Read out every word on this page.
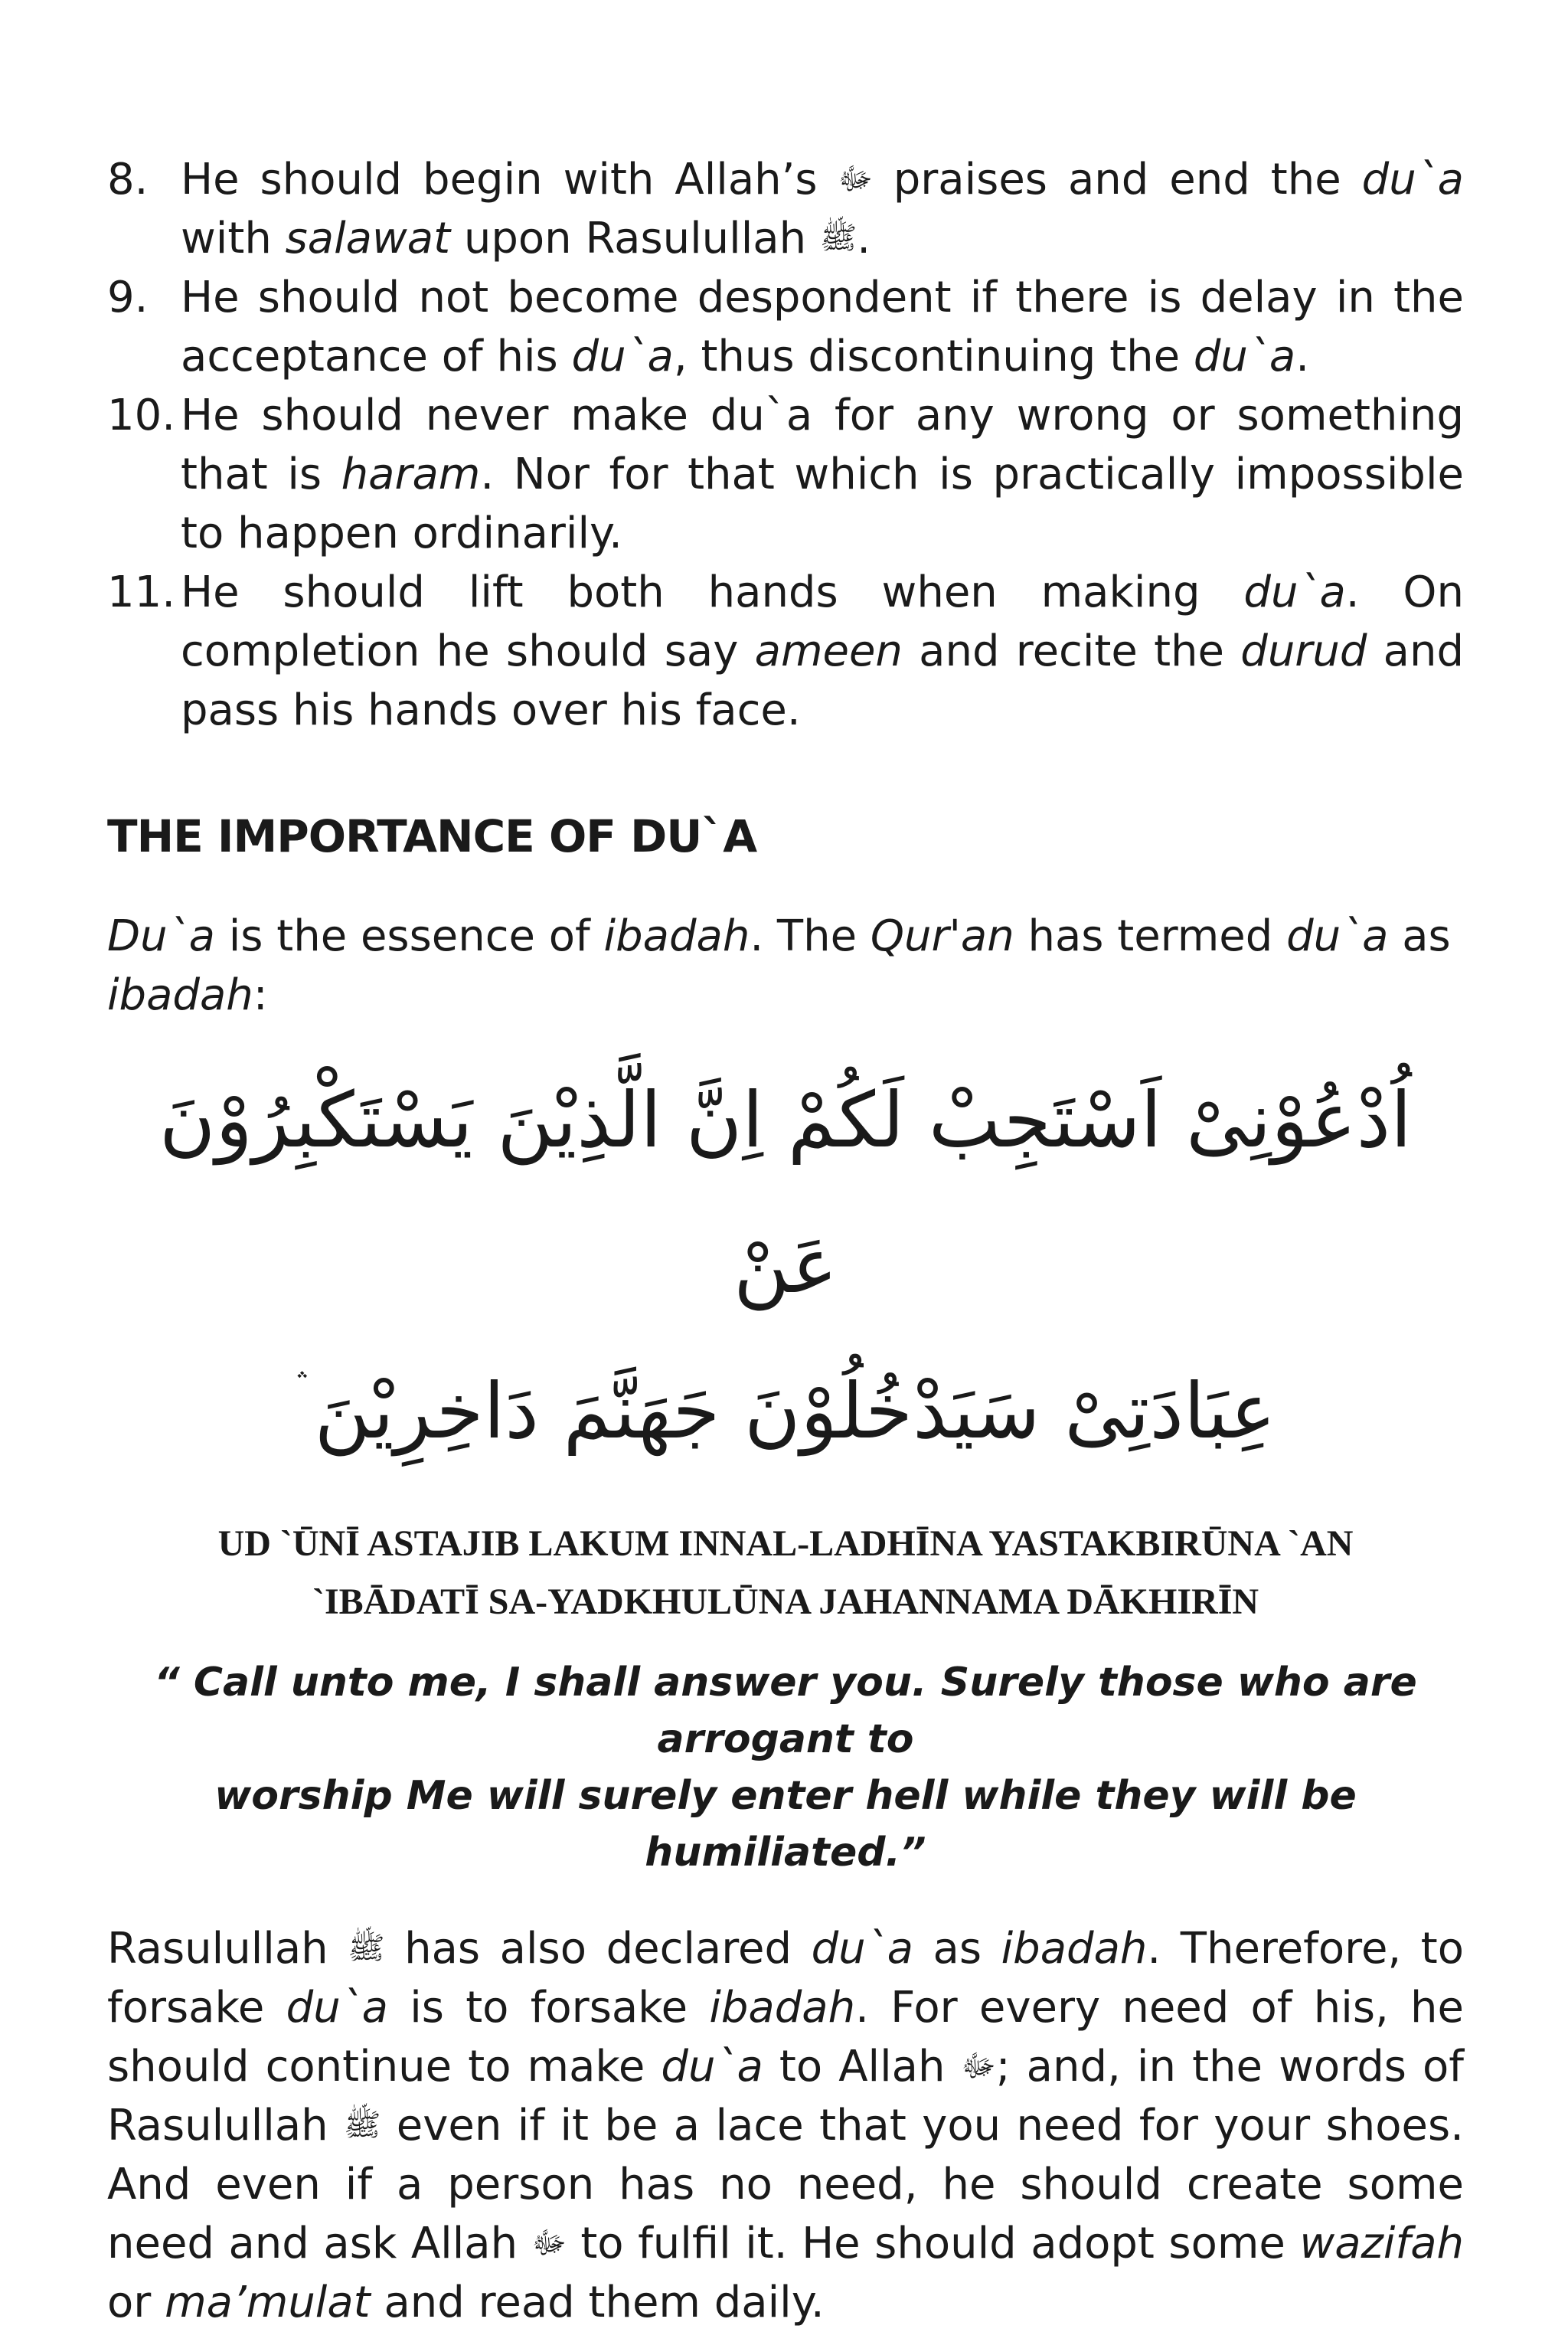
8. He should begin with Allah’s ﷻ praises and end the du`a with salawat upon Rasulullah ﷺ.

9. He should not become despondent if there is delay in the acceptance of his du`a, thus discontinuing the du`a.

10. He should never make du`a for any wrong or something that is haram. Nor for that which is practically impossible to happen ordinarily.

11. He should lift both hands when making du`a. On completion he should say ameen and recite the durud and pass his hands over his face.

THE IMPORTANCE OF DU`A

Du`a is the essence of ibadah. The Qur'an has termed du`a as ibadah:

اُدْعُوْنِیْ اَسْتَجِبْ لَكُمْ اِنَّ الَّذِیْنَ یَسْتَكْبِرُوْنَ عَنْ
عِبَادَتِیْ سَیَدْخُلُوْنَ جَهَنَّمَ دَاخِرِیْنَ ۛ
UD `ŪNĪ ASTAJIB LAKUM INNAL-LADHĪNA YASTAKBIRŪNA `AN
`IBĀDATĪ SA-YADKHULŪNA JAHANNAMA DĀKHIRĪN
“ Call unto me, I shall answer you. Surely those who are arrogant to
worship Me will surely enter hell while they will be humiliated.”

Rasulullah ﷺ has also declared du`a as ibadah. Therefore, to forsake du`a is to forsake ibadah. For every need of his, he should continue to make du`a to Allah ﷻ; and, in the words of Rasulullah ﷺ even if it be a lace that you need for your shoes. And even if a person has no need, he should create some need and ask Allah ﷻ to fulfil it. He should adopt some wazifah or ma’mulat and read them daily.
